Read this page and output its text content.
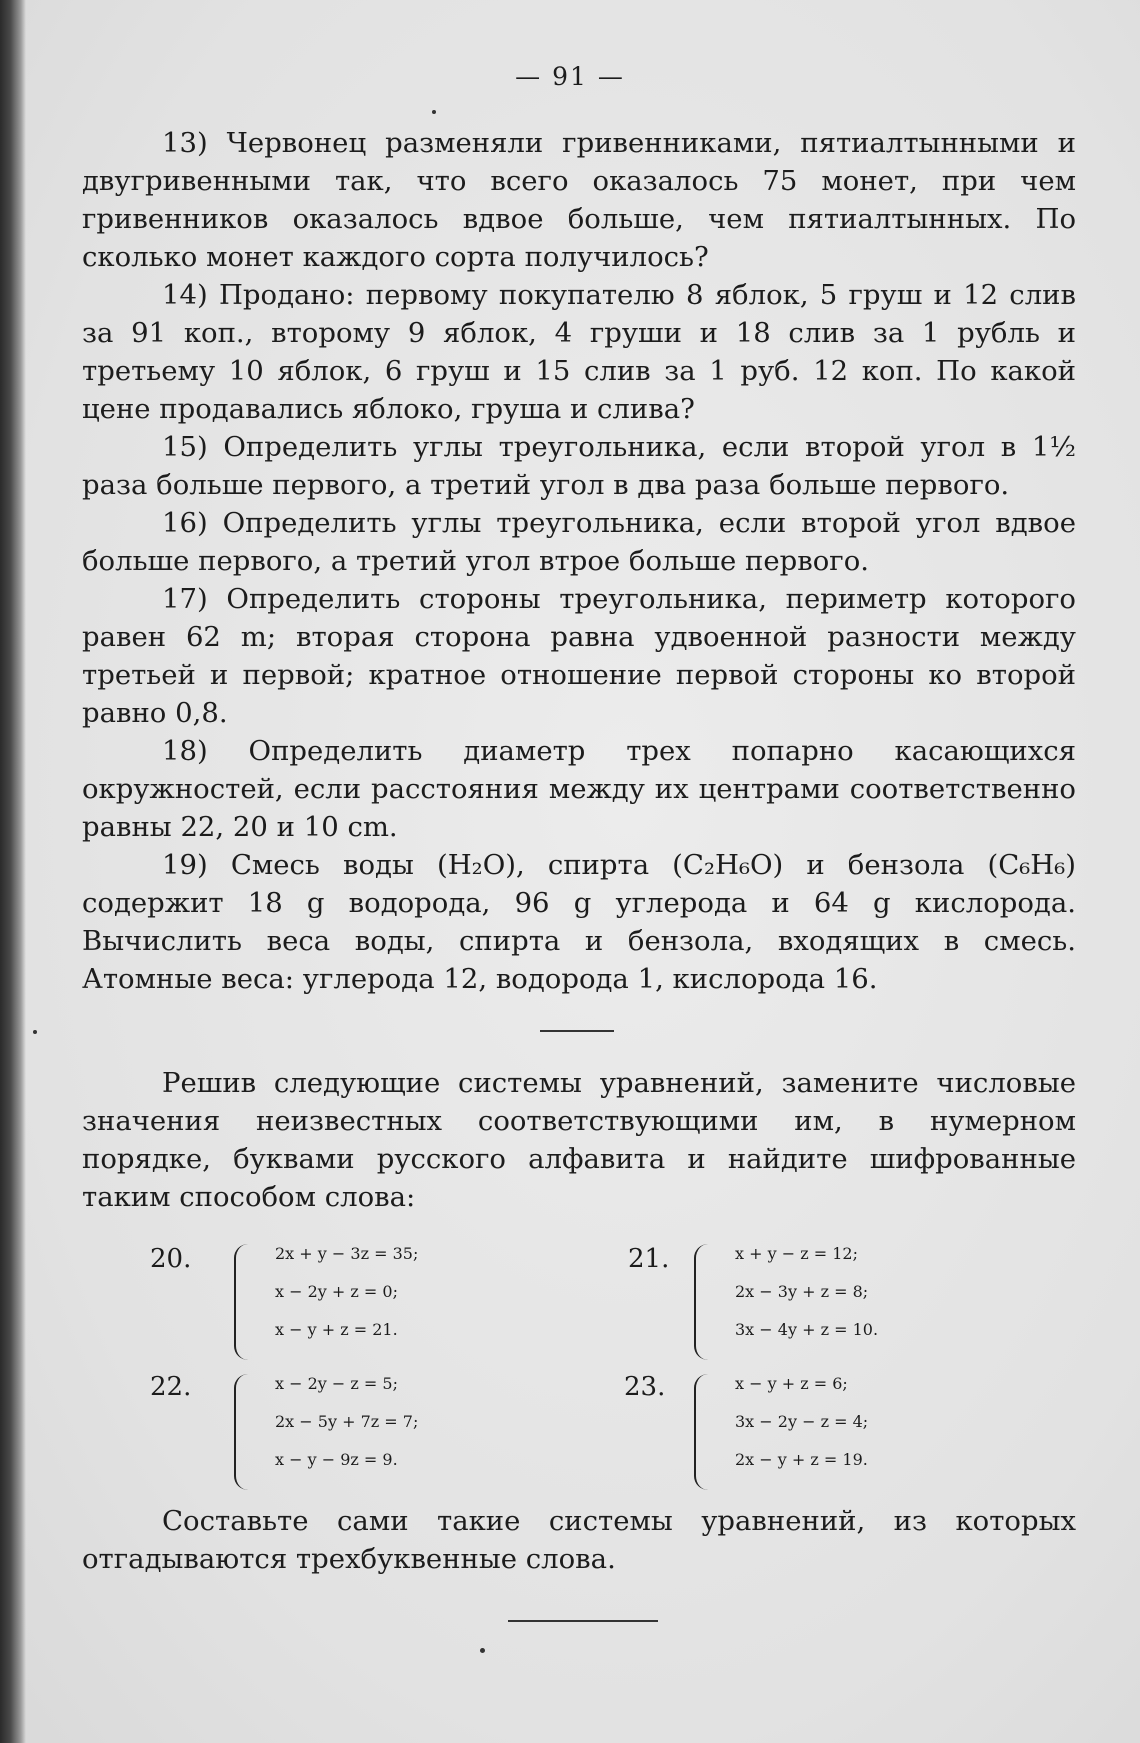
— 91 —

13) Червонец разменяли гривенниками, пятиалтынными и двугривенными так, что всего оказалось 75 монет, при чем гривенников оказалось вдвое больше, чем пятиалтынных. По сколько монет каждого сорта получилось?

14) Продано: первому покупателю 8 яблок, 5 груш и 12 слив за 91 коп., второму 9 яблок, 4 груши и 18 слив за 1 рубль и третьему 10 яблок, 6 груш и 15 слив за 1 руб. 12 коп. По какой цене продавались яблоко, груша и слива?

15) Определить углы треугольника, если второй угол в 1½ раза больше первого, а третий угол в два раза больше первого.

16) Определить углы треугольника, если второй угол вдвое больше первого, а третий угол втрое больше первого.

17) Определить стороны треугольника, периметр которого равен 62 m; вторая сторона равна удвоенной разности между третьей и первой; кратное отношение первой стороны ко второй равно 0,8.

18) Определить диаметр трех попарно касающихся окружностей, если расстояния между их центрами соответственно равны 22, 20 и 10 cm.

19) Смесь воды (H₂O), спирта (C₂H₆O) и бензола (C₆H₆) содержит 18 g водорода, 96 g углерода и 64 g кислорода. Вычислить веса воды, спирта и бензола, входящих в смесь. Атомные веса: углерода 12, водорода 1, кислорода 16.

Решив следующие системы уравнений, замените числовые значения неизвестных соответствующими им, в нумерном порядке, буквами русского алфавита и найдите шифрованные таким способом слова:

20.	2x + y − 3z = 35;
x − 2y + z = 0;
x − y + z = 21.
21.	x + y − z = 12;
2x − 3y + z = 8;
3x − 4y + z = 10.
22.	x − 2y − z = 5;
2x − 5y + 7z = 7;
x − y − 9z = 9.
23.	x − y + z = 6;
3x − 2y − z = 4;
2x − y + z = 19.

Составьте сами такие системы уравнений, из которых отгадываются трехбуквенные слова.
